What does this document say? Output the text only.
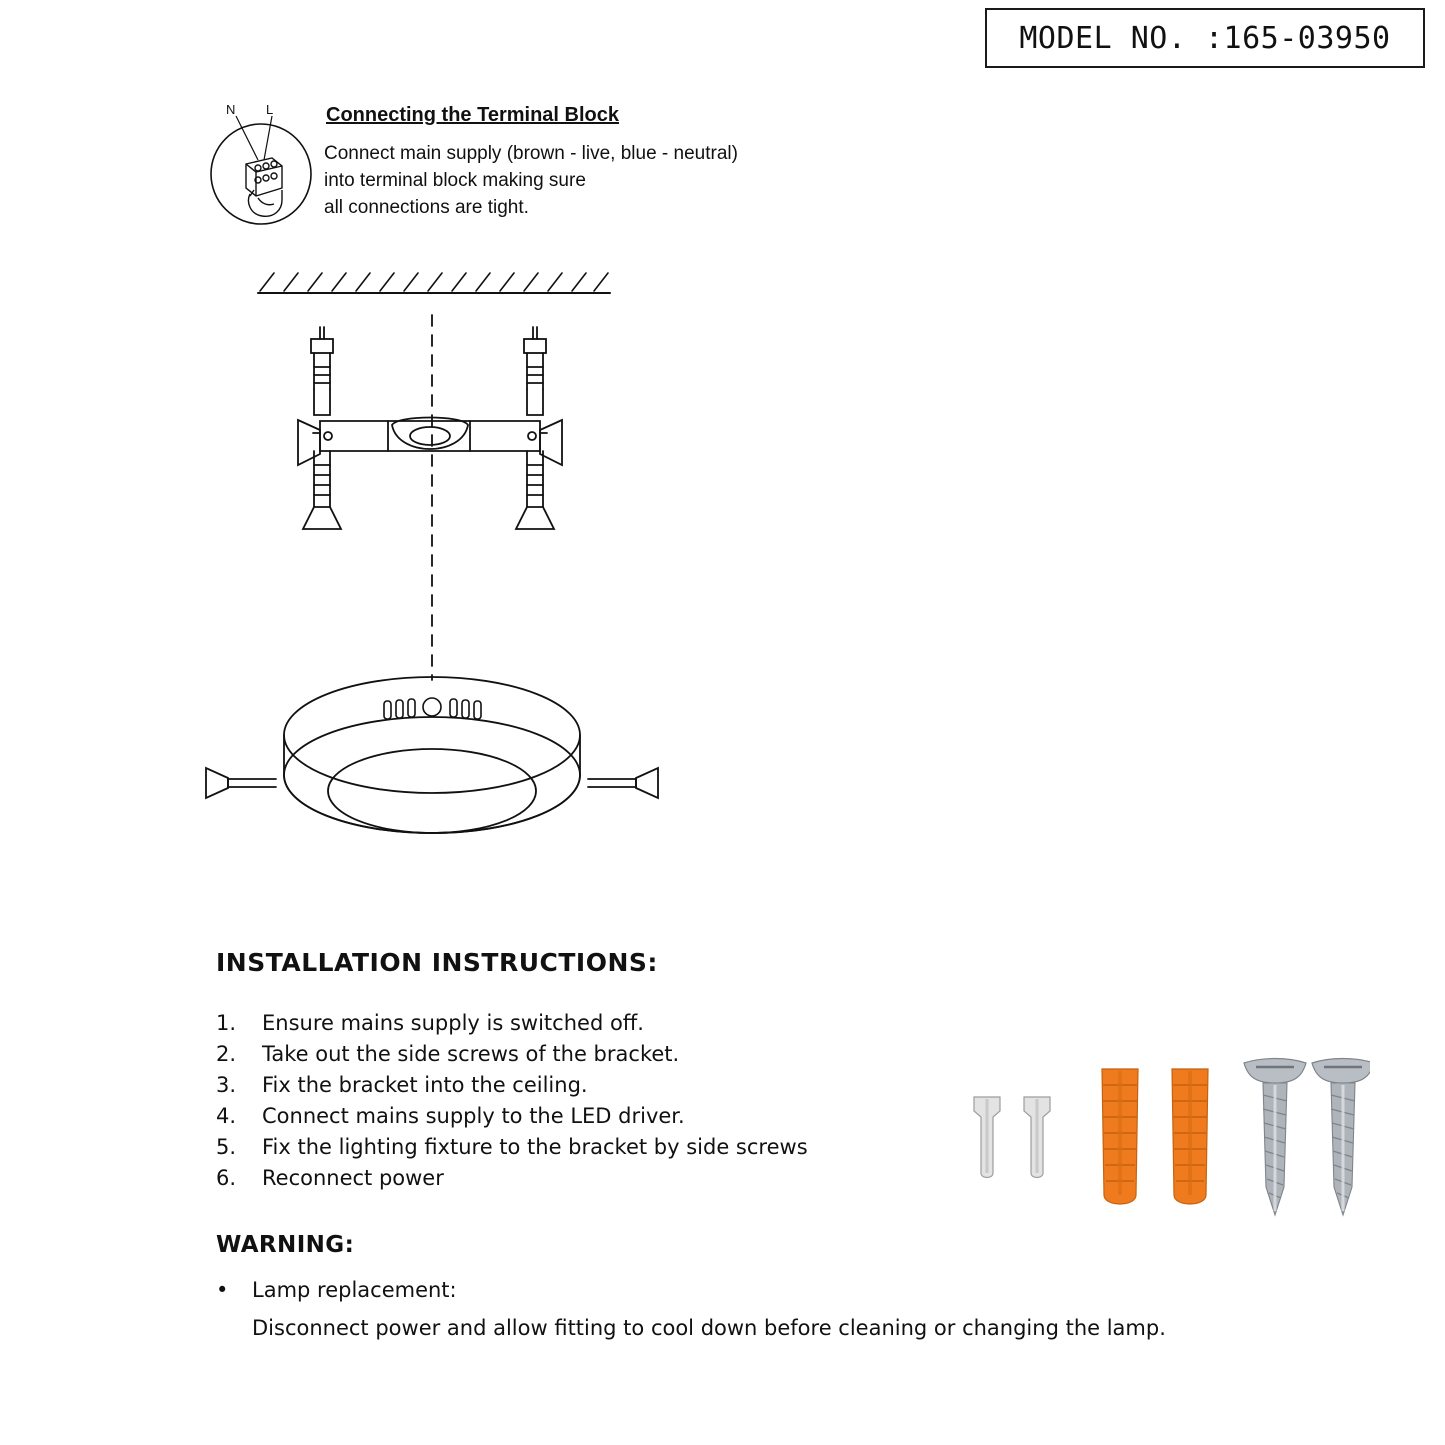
MODEL NO. :165-03950
N L	Connecting the Terminal Block
Connect main supply (brown - live, blue - neutral)
into terminal block making sure
all connections are tight.
INSTALLATION INSTRUCTIONS:
1.	Ensure mains supply is switched off.
2.	Take out the side screws of the bracket.
3.	Fix the bracket into the ceiling.
4.	Connect mains supply to the LED driver.
5.	Fix the lighting fixture to the bracket by side screws
6.	Reconnect power
WARNING:
•	Lamp replacement:
Disconnect power and allow fitting to cool down before cleaning or changing the lamp.
